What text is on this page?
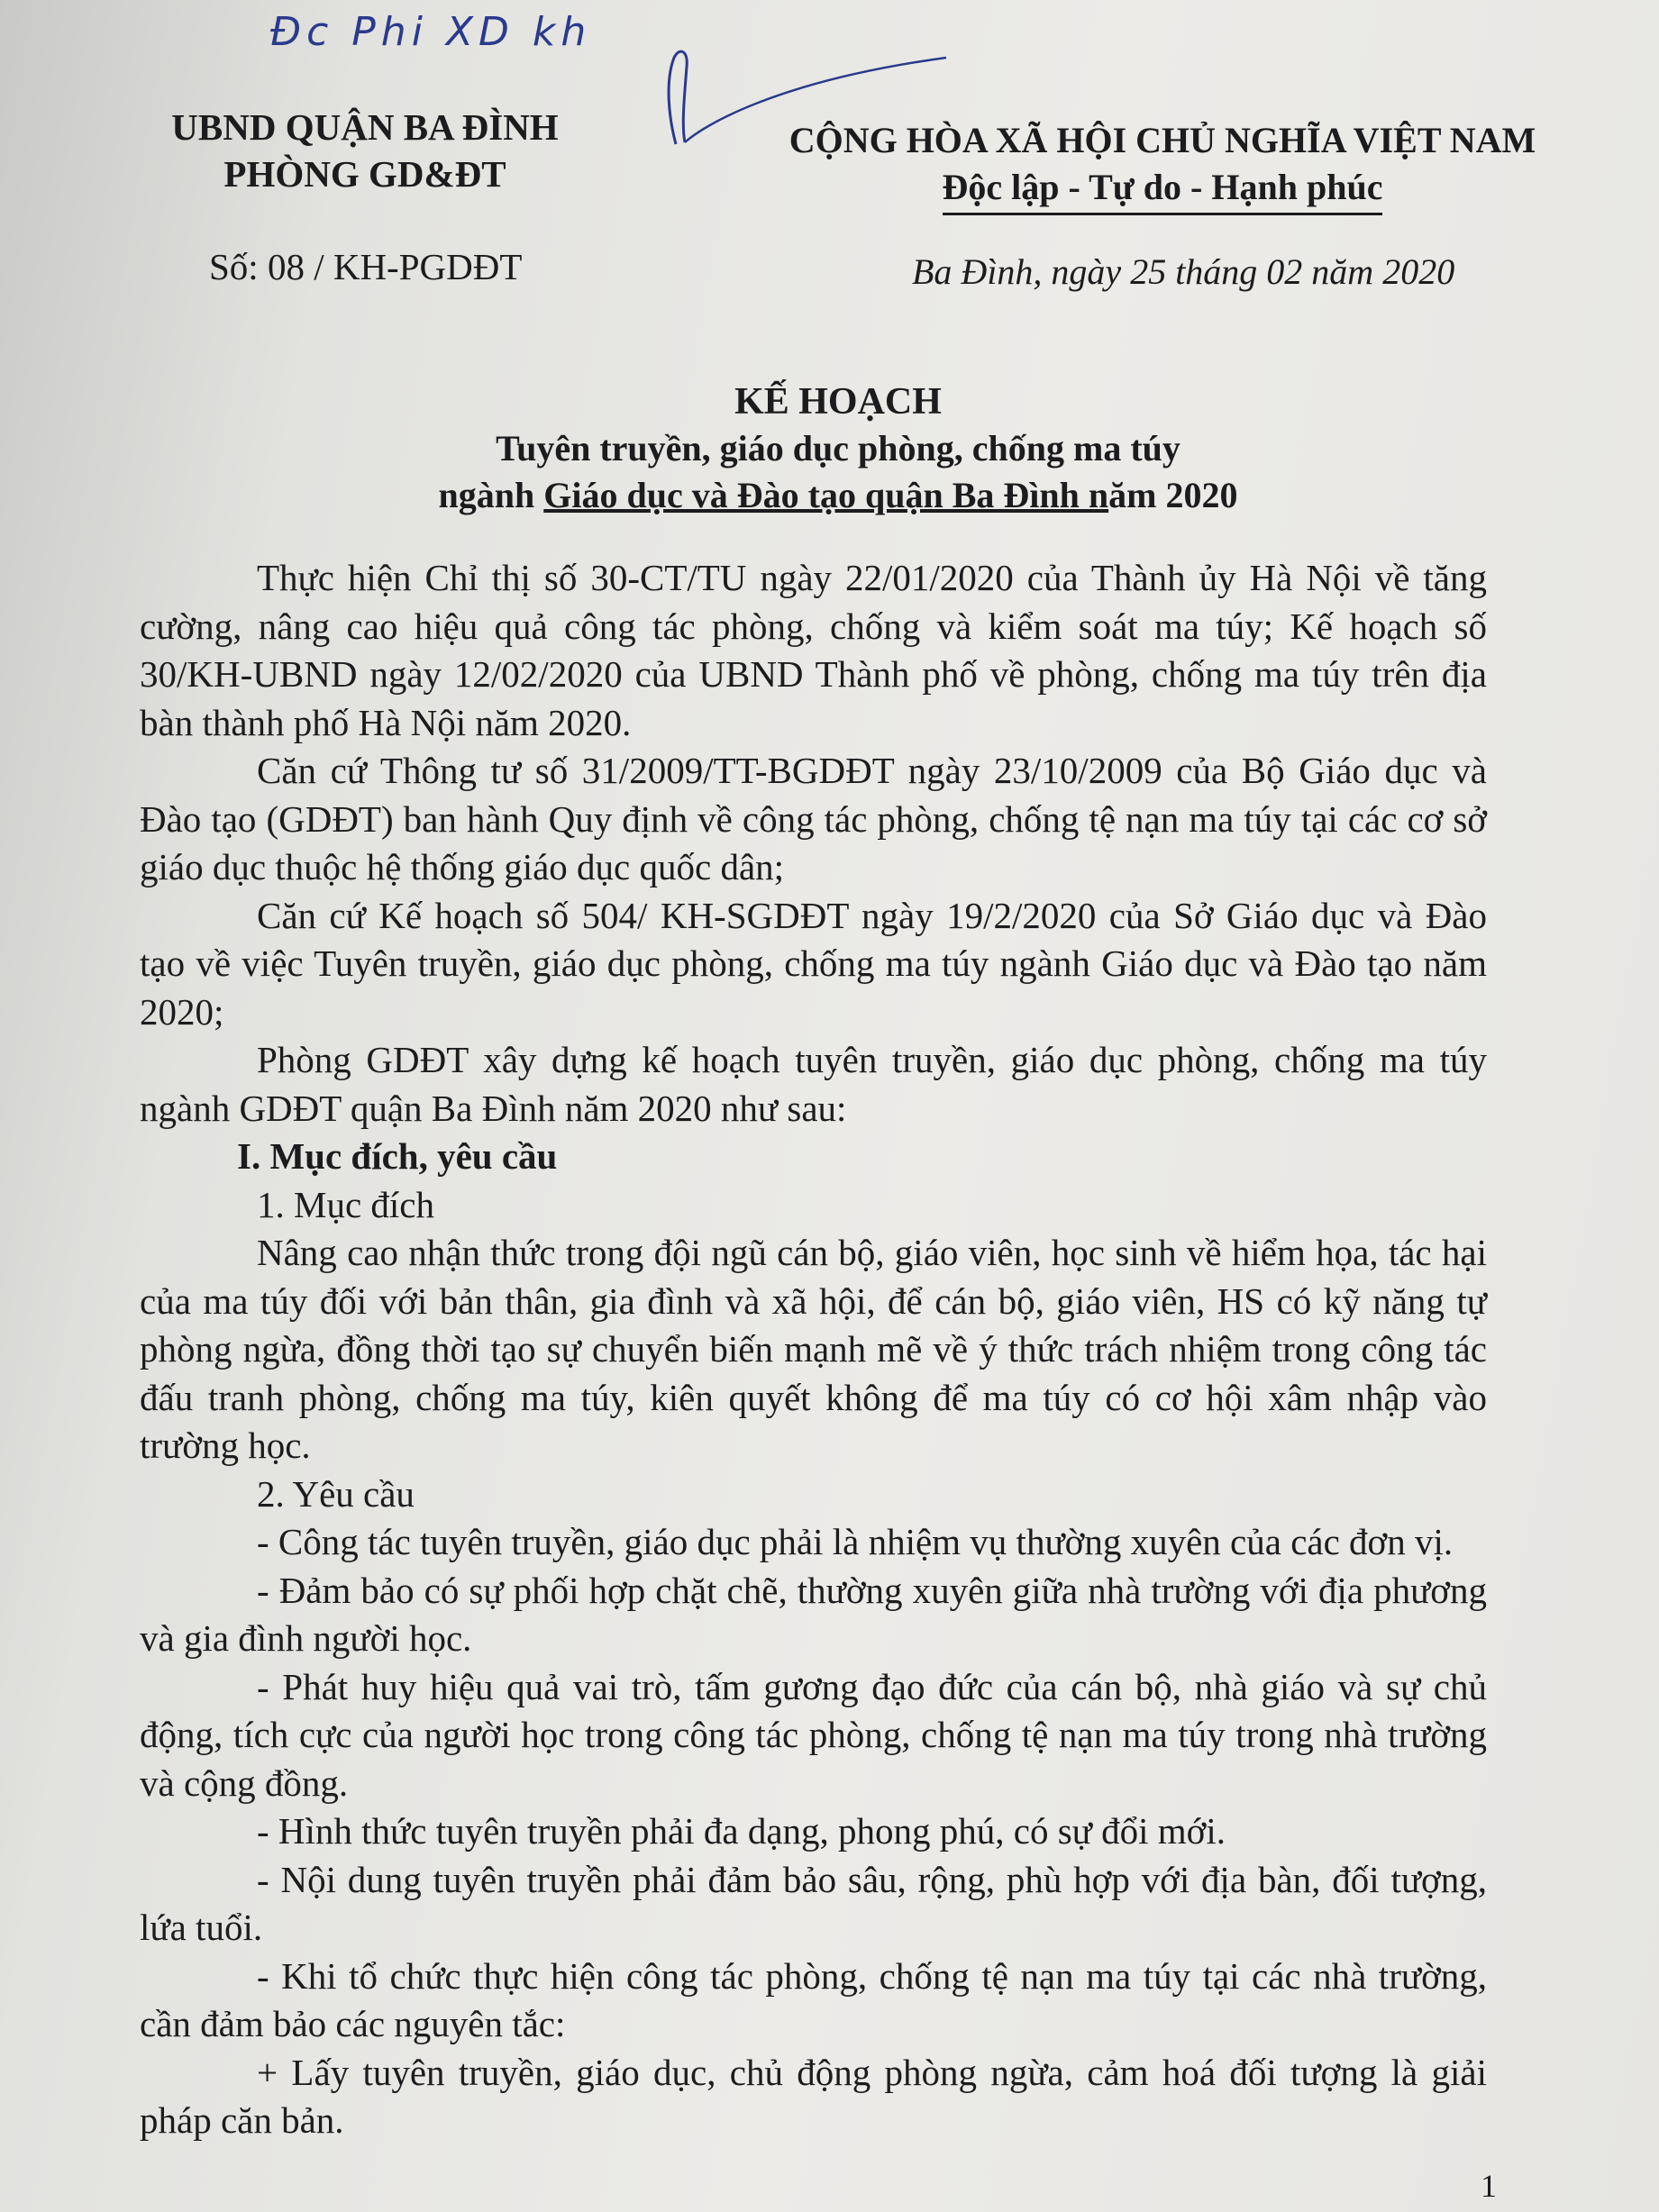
Đc Phi XD kh
UBND QUẬN BA ĐÌNH
PHÒNG GD&ĐT
CỘNG HÒA XÃ HỘI CHỦ NGHĨA VIỆT NAM
Độc lập - Tự do - Hạnh phúc
Số: 08 / KH-PGDĐT	Ba Đình, ngày 25 tháng 02 năm 2020
KẾ HOẠCH
Tuyên truyền, giáo dục phòng, chống ma túy
ngành Giáo dục và Đào tạo quận Ba Đình năm 2020

Thực hiện Chỉ thị số 30-CT/TU ngày 22/01/2020 của Thành ủy Hà Nội về tăng cường, nâng cao hiệu quả công tác phòng, chống và kiểm soát ma túy; Kế hoạch số 30/KH-UBND ngày 12/02/2020 của UBND Thành phố về phòng, chống ma túy trên địa bàn thành phố Hà Nội năm 2020.

Căn cứ Thông tư số 31/2009/TT-BGDĐT ngày 23/10/2009 của Bộ Giáo dục và Đào tạo (GDĐT) ban hành Quy định về công tác phòng, chống tệ nạn ma túy tại các cơ sở giáo dục thuộc hệ thống giáo dục quốc dân;

Căn cứ Kế hoạch số 504/ KH-SGDĐT ngày 19/2/2020 của Sở Giáo dục và Đào tạo về việc Tuyên truyền, giáo dục phòng, chống ma túy ngành Giáo dục và Đào tạo năm 2020;

Phòng GDĐT xây dựng kế hoạch tuyên truyền, giáo dục phòng, chống ma túy ngành GDĐT quận Ba Đình năm 2020 như sau:

I. Mục đích, yêu cầu

1. Mục đích

Nâng cao nhận thức trong đội ngũ cán bộ, giáo viên, học sinh về hiểm họa, tác hại của ma túy đối với bản thân, gia đình và xã hội, để cán bộ, giáo viên, HS có kỹ năng tự phòng ngừa, đồng thời tạo sự chuyển biến mạnh mẽ về ý thức trách nhiệm trong công tác đấu tranh phòng, chống ma túy, kiên quyết không để ma túy có cơ hội xâm nhập vào trường học.

2. Yêu cầu

- Công tác tuyên truyền, giáo dục phải là nhiệm vụ thường xuyên của các đơn vị.

- Đảm bảo có sự phối hợp chặt chẽ, thường xuyên giữa nhà trường với địa phương và gia đình người học.

- Phát huy hiệu quả vai trò, tấm gương đạo đức của cán bộ, nhà giáo và sự chủ động, tích cực của người học trong công tác phòng, chống tệ nạn ma túy trong nhà trường và cộng đồng.

- Hình thức tuyên truyền phải đa dạng, phong phú, có sự đổi mới.

- Nội dung tuyên truyền phải đảm bảo sâu, rộng, phù hợp với địa bàn, đối tượng, lứa tuổi.

- Khi tổ chức thực hiện công tác phòng, chống tệ nạn ma túy tại các nhà trường, cần đảm bảo các nguyên tắc:

+ Lấy tuyên truyền, giáo dục, chủ động phòng ngừa, cảm hoá đối tượng là giải pháp căn bản.

1
